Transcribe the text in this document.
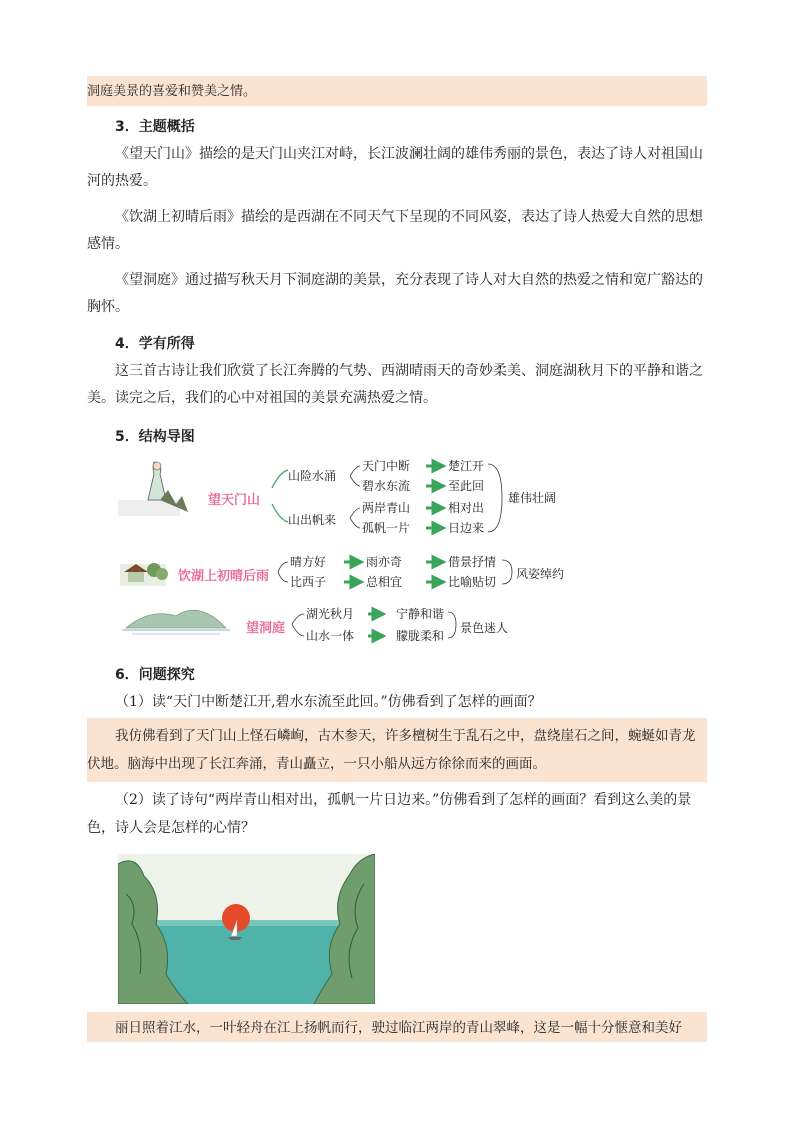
洞庭美景的喜爱和赞美之情。

3．主题概括

《望天门山》描绘的是天门山夹江对峙，长江波澜壮阔的雄伟秀丽的景色，表达了诗人对祖国山河的热爱。

《饮湖上初晴后雨》描绘的是西湖在不同天气下呈现的不同风姿，表达了诗人热爱大自然的思想感情。

《望洞庭》通过描写秋天月下洞庭湖的美景，充分表现了诗人对大自然的热爱之情和宽广豁达的胸怀。

4．学有所得

这三首古诗让我们欣赏了长江奔腾的气势、西湖晴雨天的奇妙柔美、洞庭湖秋月下的平静和谐之美。读完之后，我们的心中对祖国的美景充满热爱之情。

5．结构导图
望天门山
山险水涌
山出帆来
天门中断
碧水东流
两岸青山
孤帆一片
楚江开
至此回
相对出
日边来
雄伟壮阔
饮湖上初晴后雨
晴方好
比西子
雨亦奇
总相宜
借景抒情
比喻贴切
风姿绰约
望洞庭
湖光秋月
山水一体
宁静和谐
朦胧柔和
景色迷人
6．问题探究

（1）读“天门中断楚江开,碧水东流至此回。”仿佛看到了怎样的画面？

我仿佛看到了天门山上怪石嶙峋，古木参天，许多檀树生于乱石之中，盘绕崖石之间，蜿蜒如青龙伏地。脑海中出现了长江奔涌，青山矗立，一只小船从远方徐徐而来的画面。

（2）读了诗句“两岸青山相对出，孤帆一片日边来。”仿佛看到了怎样的画面？看到这么美的景色，诗人会是怎样的心情？

丽日照着江水，一叶轻舟在江上扬帆而行，驶过临江两岸的青山翠峰，这是一幅十分惬意和美好
